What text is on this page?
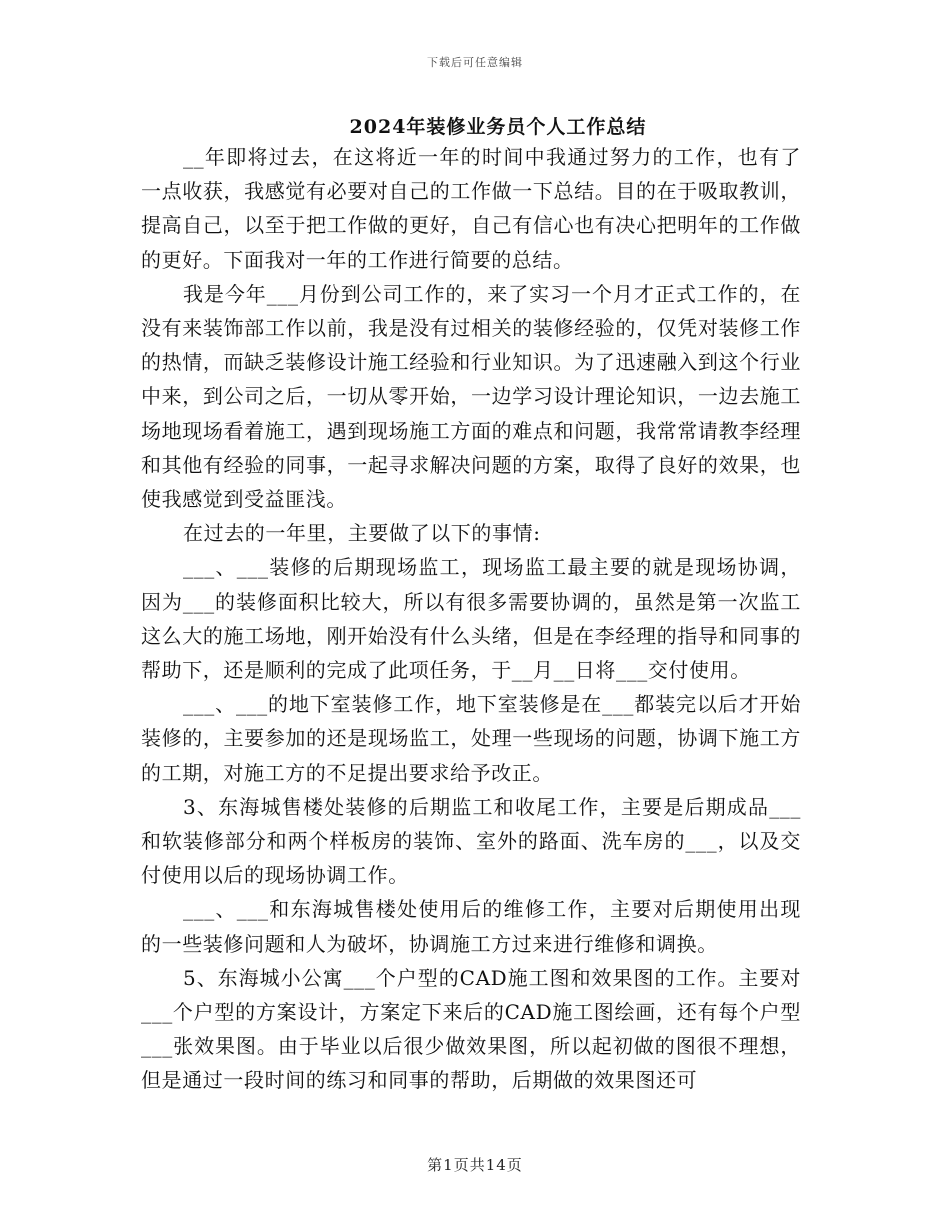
下载后可任意编辑
2024年装修业务员个人工作总结

__年即将过去，在这将近一年的时间中我通过努力的工作，也有了一点收获，我感觉有必要对自己的工作做一下总结。目的在于吸取教训，提高自己，以至于把工作做的更好，自己有信心也有决心把明年的工作做的更好。下面我对一年的工作进行简要的总结。

我是今年___月份到公司工作的，来了实习一个月才正式工作的，在没有来装饰部工作以前，我是没有过相关的装修经验的，仅凭对装修工作的热情，而缺乏装修设计施工经验和行业知识。为了迅速融入到这个行业中来，到公司之后，一切从零开始，一边学习设计理论知识，一边去施工场地现场看着施工，遇到现场施工方面的难点和问题，我常常请教李经理和其他有经验的同事，一起寻求解决问题的方案，取得了良好的效果，也使我感觉到受益匪浅。

在过去的一年里，主要做了以下的事情:

___、___装修的后期现场监工，现场监工最主要的就是现场协调，因为___的装修面积比较大，所以有很多需要协调的，虽然是第一次监工这么大的施工场地，刚开始没有什么头绪，但是在李经理的指导和同事的帮助下，还是顺利的完成了此项任务，于__月__日将___交付使用。

___、___的地下室装修工作，地下室装修是在___都装完以后才开始装修的，主要参加的还是现场监工，处理一些现场的问题，协调下施工方的工期，对施工方的不足提出要求给予改正。

3、东海城售楼处装修的后期监工和收尾工作，主要是后期成品___和软装修部分和两个样板房的装饰、室外的路面、洗车房的___，以及交付使用以后的现场协调工作。

___、___和东海城售楼处使用后的维修工作，主要对后期使用出现的一些装修问题和人为破坏，协调施工方过来进行维修和调换。

5、东海城小公寓___个户型的CAD施工图和效果图的工作。主要对___个户型的方案设计，方案定下来后的CAD施工图绘画，还有每个户型___张效果图。由于毕业以后很少做效果图，所以起初做的图很不理想，但是通过一段时间的练习和同事的帮助，后期做的效果图还可

第1页共14页
